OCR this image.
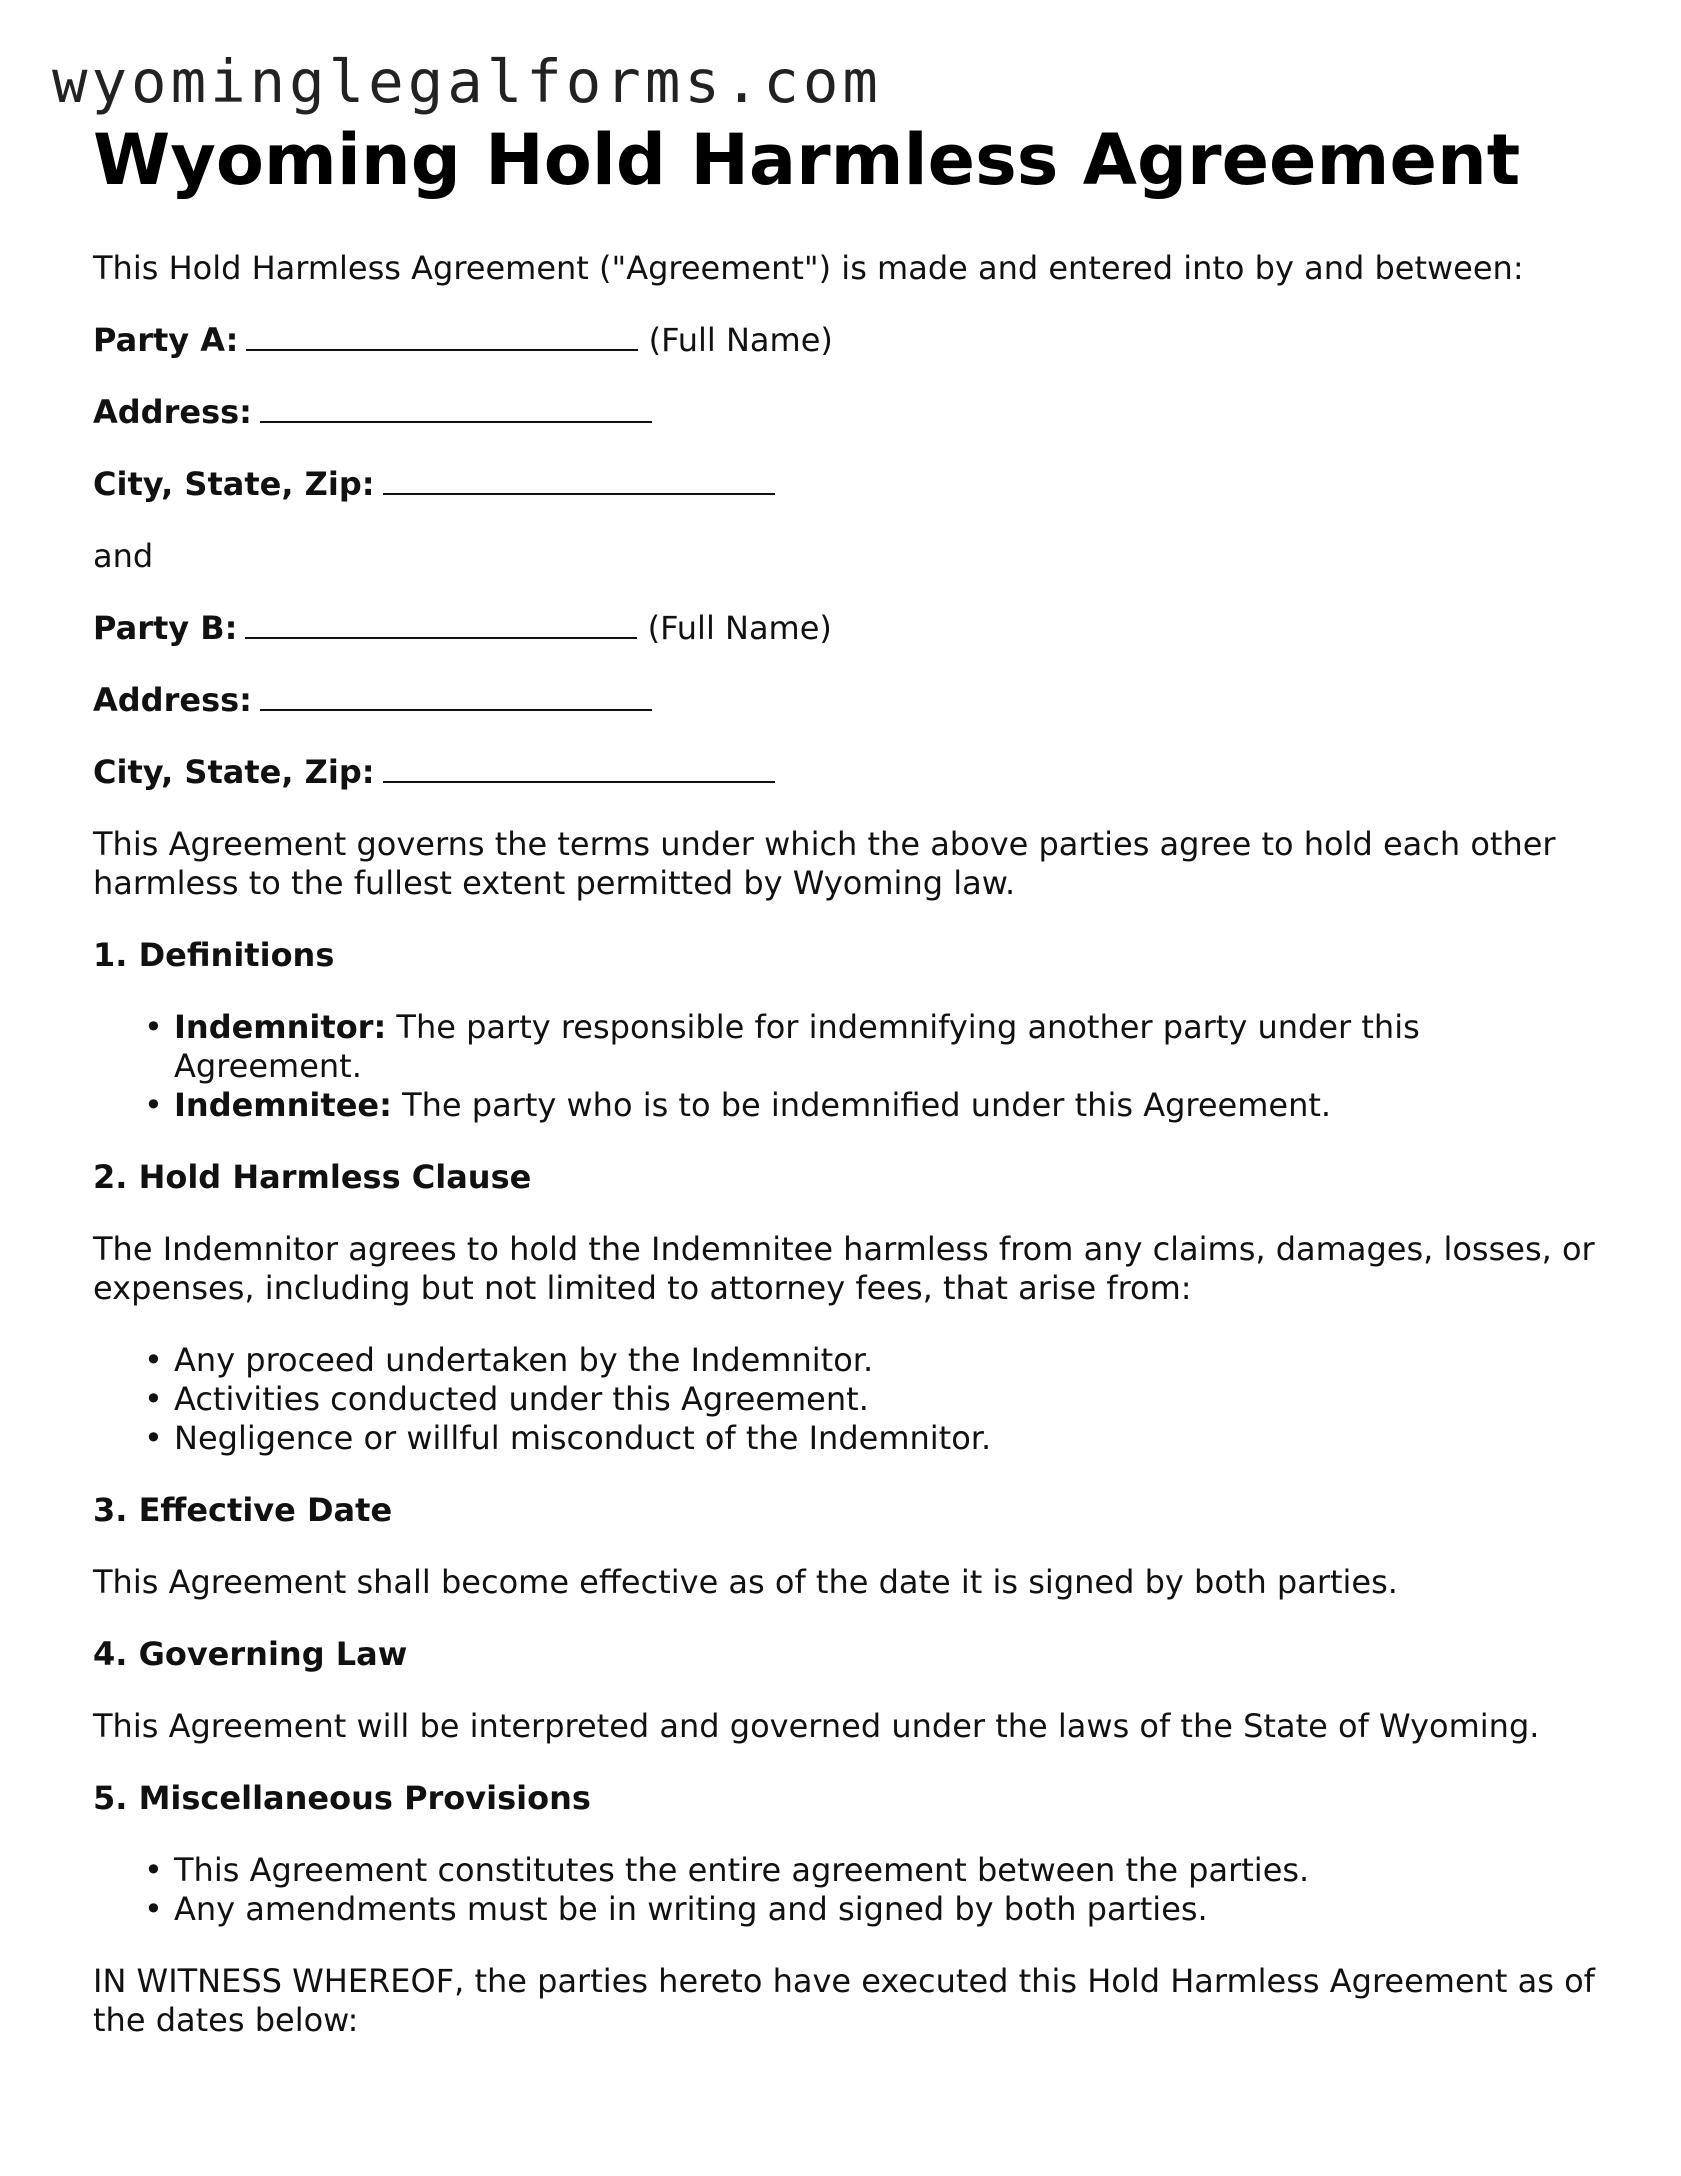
wyominglegalforms.com
Wyoming Hold Harmless Agreement

This Hold Harmless Agreement ("Agreement") is made and entered into by and between:

Party A:	(Full Name)
Address:
City, State, Zip:

and

Party B:	(Full Name)
Address:
City, State, Zip:

This Agreement governs the terms under which the above parties agree to hold each other harmless to the fullest extent permitted by Wyoming law.

1. Definitions
• Indemnitor: The party responsible for indemnifying another party under this Agreement.
• Indemnitee: The party who is to be indemnified under this Agreement.
2. Hold Harmless Clause

The Indemnitor agrees to hold the Indemnitee harmless from any claims, damages, losses, or expenses, including but not limited to attorney fees, that arise from:

• Any proceed undertaken by the Indemnitor.
• Activities conducted under this Agreement.
• Negligence or willful misconduct of the Indemnitor.
3. Effective Date

This Agreement shall become effective as of the date it is signed by both parties.

4. Governing Law

This Agreement will be interpreted and governed under the laws of the State of Wyoming.

5. Miscellaneous Provisions
• This Agreement constitutes the entire agreement between the parties.
• Any amendments must be in writing and signed by both parties.

IN WITNESS WHEREOF, the parties hereto have executed this Hold Harmless Agreement as of the dates below:
